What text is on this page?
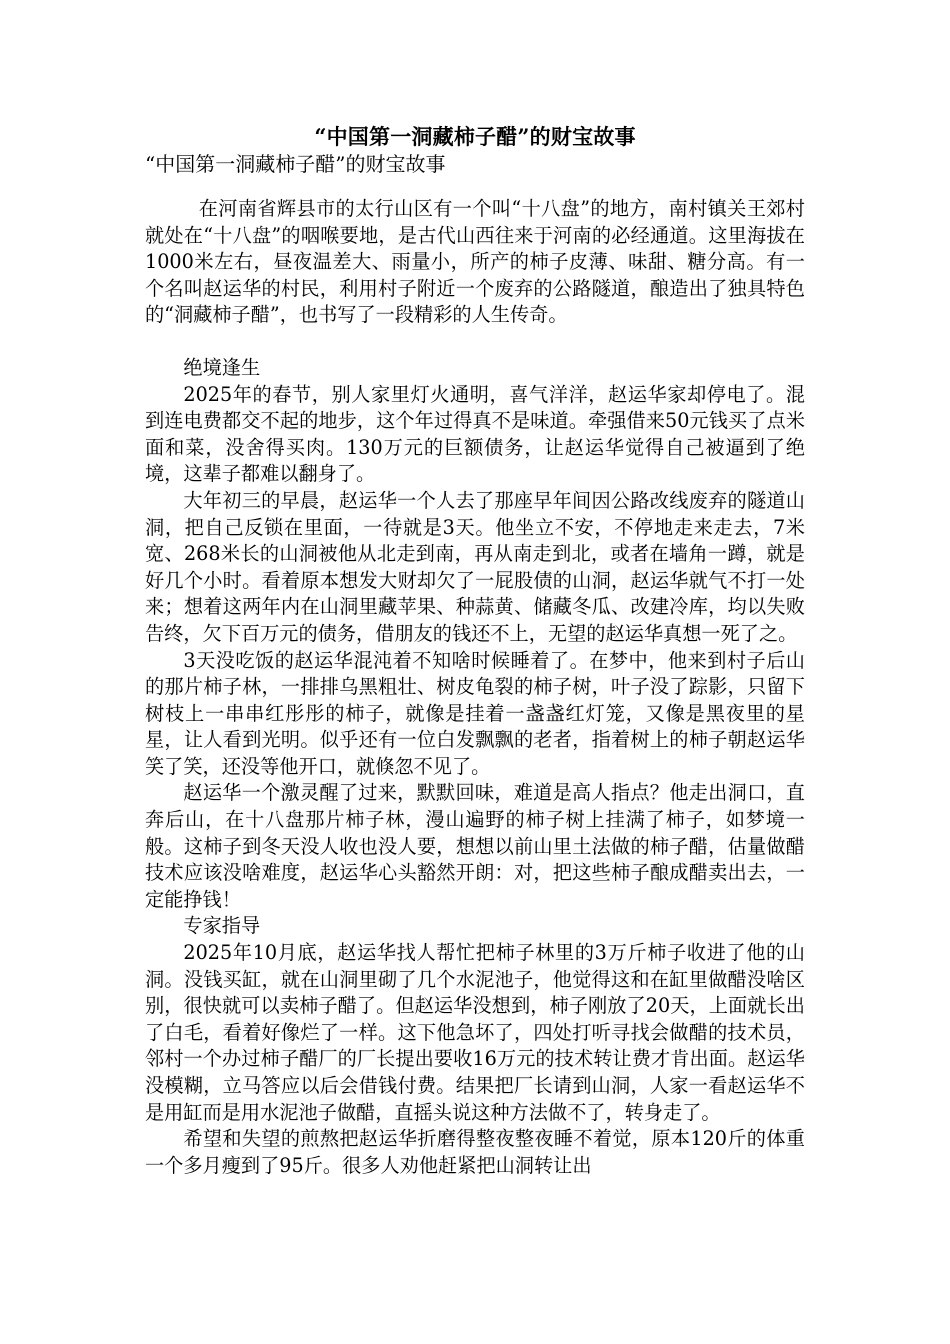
“中国第一洞藏柿子醋”的财宝故事
“中国第一洞藏柿子醋”的财宝故事

在河南省辉县市的太行山区有一个叫“十八盘”的地方，南村镇关王郊村就处在“十八盘”的咽喉要地，是古代山西往来于河南的必经通道。这里海拔在1000米左右，昼夜温差大、雨量小，所产的柿子皮薄、味甜、糖分高。有一个名叫赵运华的村民，利用村子附近一个废弃的公路隧道，酿造出了独具特色的“洞藏柿子醋”，也书写了一段精彩的人生传奇。

绝境逢生

2025年的春节，别人家里灯火通明，喜气洋洋，赵运华家却停电了。混到连电费都交不起的地步，这个年过得真不是味道。牵强借来50元钱买了点米面和菜，没舍得买肉。130万元的巨额债务，让赵运华觉得自己被逼到了绝境，这辈子都难以翻身了。

大年初三的早晨，赵运华一个人去了那座早年间因公路改线废弃的隧道山洞，把自己反锁在里面，一待就是3天。他坐立不安，不停地走来走去，7米宽、268米长的山洞被他从北走到南，再从南走到北，或者在墙角一蹲，就是好几个小时。看着原本想发大财却欠了一屁股债的山洞，赵运华就气不打一处来；想着这两年内在山洞里藏苹果、种蒜黄、储藏冬瓜、改建冷库，均以失败告终，欠下百万元的债务，借朋友的钱还不上，无望的赵运华真想一死了之。

3天没吃饭的赵运华混沌着不知啥时候睡着了。在梦中，他来到村子后山的那片柿子林，一排排乌黑粗壮、树皮龟裂的柿子树，叶子没了踪影，只留下树枝上一串串红彤彤的柿子，就像是挂着一盏盏红灯笼，又像是黑夜里的星星，让人看到光明。似乎还有一位白发飘飘的老者，指着树上的柿子朝赵运华笑了笑，还没等他开口，就倏忽不见了。

赵运华一个激灵醒了过来，默默回味，难道是高人指点？他走出洞口，直奔后山，在十八盘那片柿子林，漫山遍野的柿子树上挂满了柿子，如梦境一般。这柿子到冬天没人收也没人要，想想以前山里土法做的柿子醋，估量做醋技术应该没啥难度，赵运华心头豁然开朗：对，把这些柿子酿成醋卖出去，一定能挣钱！

专家指导

2025年10月底，赵运华找人帮忙把柿子林里的3万斤柿子收进了他的山洞。没钱买缸，就在山洞里砌了几个水泥池子，他觉得这和在缸里做醋没啥区别，很快就可以卖柿子醋了。但赵运华没想到，柿子刚放了20天，上面就长出了白毛，看着好像烂了一样。这下他急坏了，四处打听寻找会做醋的技术员，邻村一个办过柿子醋厂的厂长提出要收16万元的技术转让费才肯出面。赵运华没模糊，立马答应以后会借钱付费。结果把厂长请到山洞，人家一看赵运华不是用缸而是用水泥池子做醋，直摇头说这种方法做不了，转身走了。

希望和失望的煎熬把赵运华折磨得整夜整夜睡不着觉，原本120斤的体重一个多月瘦到了95斤。很多人劝他赶紧把山洞转让出
